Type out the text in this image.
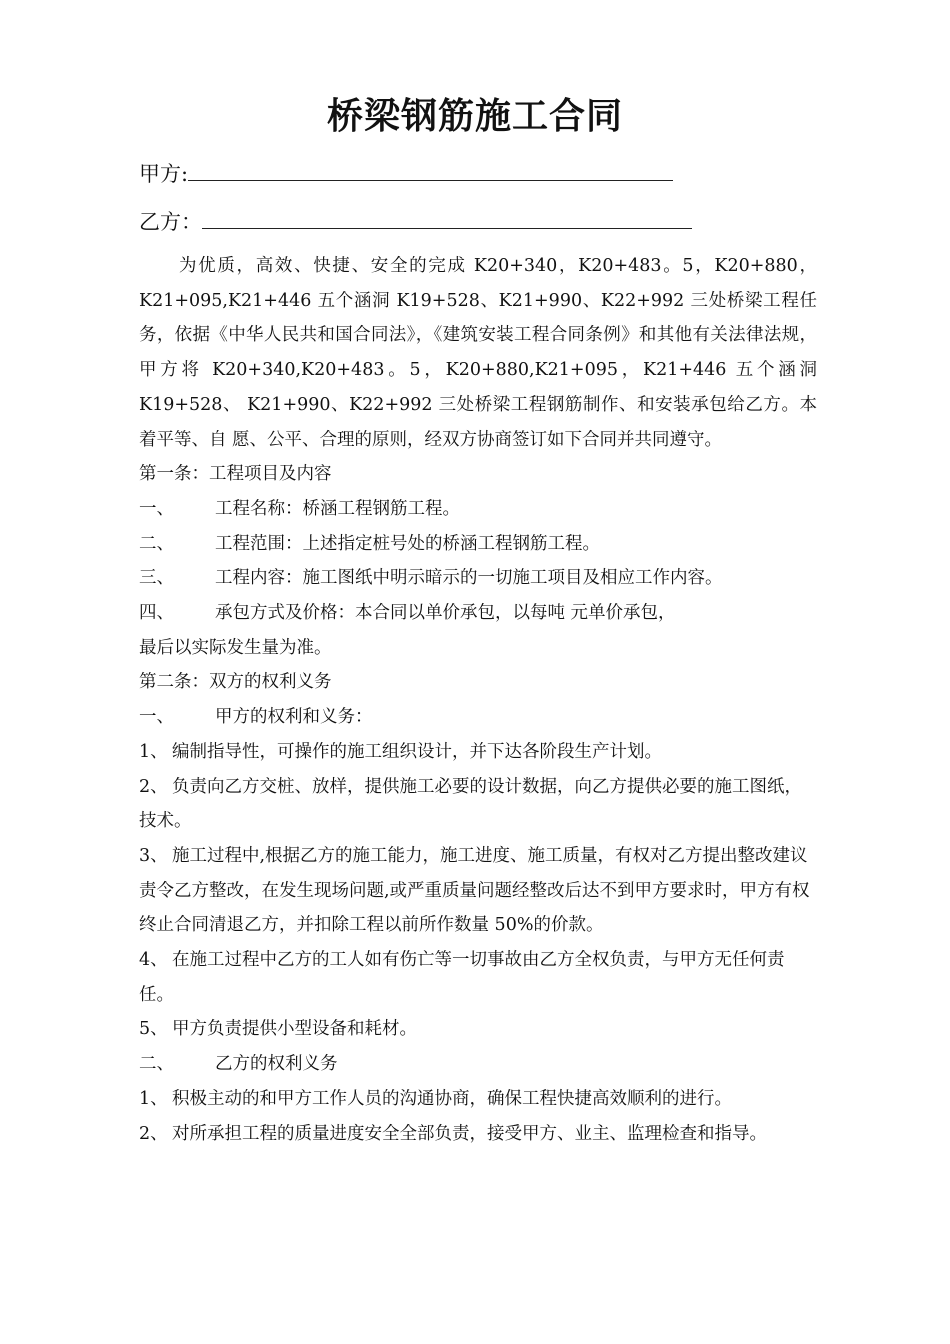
桥梁钢筋施工合同
甲方:
乙方：

为优质，高效、快捷、安全的完成 K20+340，K20+483。5，K20+880，K21+095,K21+446 五个涵洞 K19+528、K21+990、K22+992 三处桥梁工程任务，依据《中华人民共和国合同法》，《建筑安装工程合同条例》和其他有关法律法规，甲方将 K20+340,K20+483。5，K20+880,K21+095，K21+446 五个涵洞 K19+528、 K21+990、K22+992 三处桥梁工程钢筋制作、和安装承包给乙方。本着平等、自 愿、公平、合理的原则，经双方协商签订如下合同并共同遵守。

第一条：工程项目及内容

一、 工程名称：桥涵工程钢筋工程。

二、 工程范围：上述指定桩号处的桥涵工程钢筋工程。

三、 工程内容：施工图纸中明示暗示的一切施工项目及相应工作内容。

四、 承包方式及价格：本合同以单价承包，以每吨 元单价承包，

最后以实际发生量为准。

第二条：双方的权利义务

一、 甲方的权利和义务：

1、 编制指导性，可操作的施工组织设计，并下达各阶段生产计划。

2、 负责向乙方交桩、放样，提供施工必要的设计数据，向乙方提供必要的施工图纸，技术。

3、 施工过程中,根据乙方的施工能力，施工进度、施工质量，有权对乙方提出整改建议责令乙方整改，在发生现场问题,或严重质量问题经整改后达不到甲方要求时，甲方有权终止合同清退乙方，并扣除工程以前所作数量 50%的价款。

4、 在施工过程中乙方的工人如有伤亡等一切事故由乙方全权负责，与甲方无任何责任。

5、 甲方负责提供小型设备和耗材。

二、 乙方的权利义务

1、 积极主动的和甲方工作人员的沟通协商，确保工程快捷高效顺利的进行。

2、 对所承担工程的质量进度安全全部负责，接受甲方、业主、监理检查和指导。
